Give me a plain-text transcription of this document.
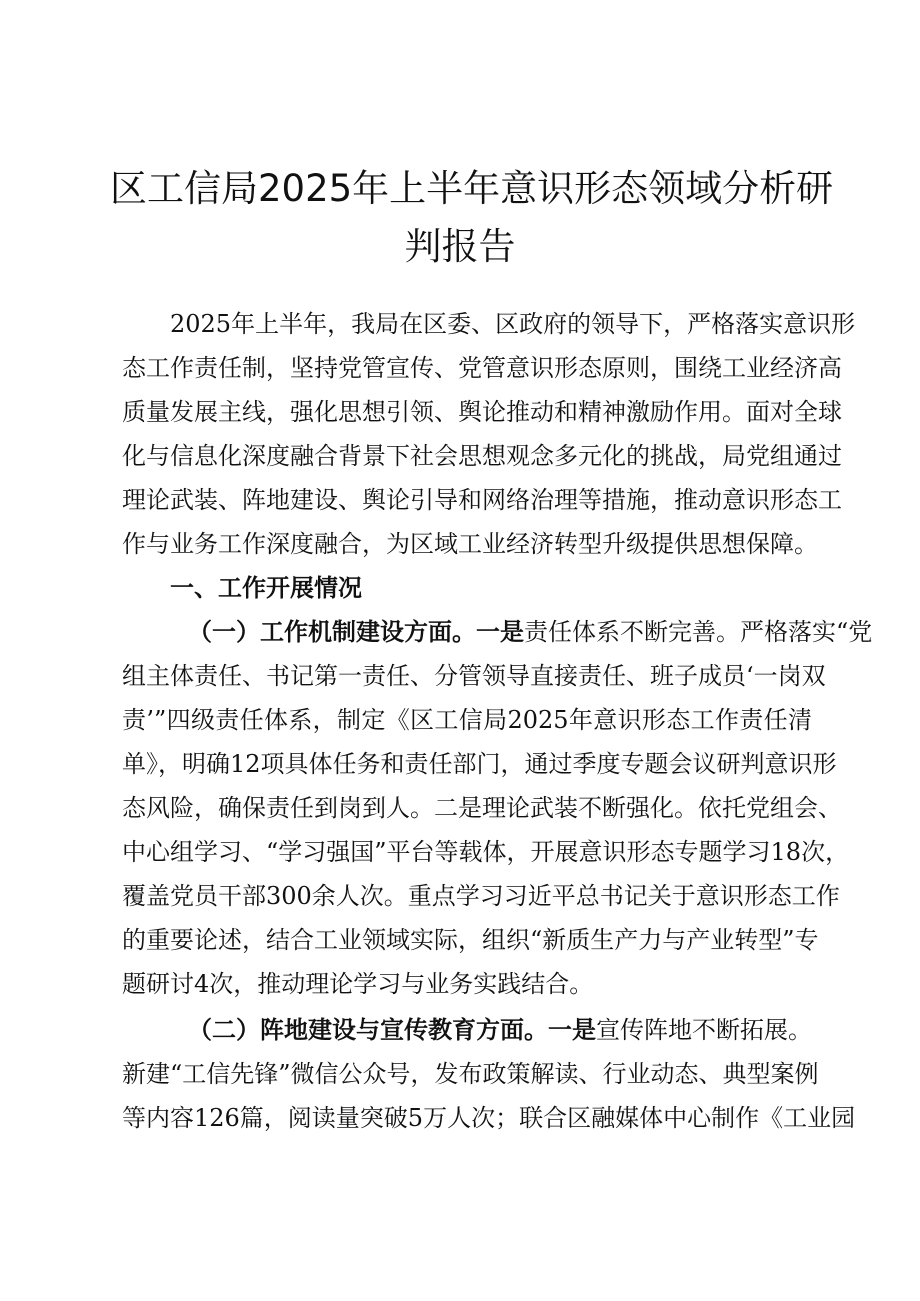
区工信局2025年上半年意识形态领域分析研
判报告
2025年上半年，我局在区委、区政府的领导下，严格落实意识形
态工作责任制，坚持党管宣传、党管意识形态原则，围绕工业经济高
质量发展主线，强化思想引领、舆论推动和精神激励作用。面对全球
化与信息化深度融合背景下社会思想观念多元化的挑战，局党组通过
理论武装、阵地建设、舆论引导和网络治理等措施，推动意识形态工
作与业务工作深度融合，为区域工业经济转型升级提供思想保障。
一、工作开展情况
（一）工作机制建设方面。一是责任体系不断完善。严格落实“党
组主体责任、书记第一责任、分管领导直接责任、班子成员‘一岗双
责’”四级责任体系，制定《区工信局2025年意识形态工作责任清
单》，明确12项具体任务和责任部门，通过季度专题会议研判意识形
态风险，确保责任到岗到人。二是理论武装不断强化。依托党组会、
中心组学习、“学习强国”平台等载体，开展意识形态专题学习18次，
覆盖党员干部300余人次。重点学习习近平总书记关于意识形态工作
的重要论述，结合工业领域实际，组织“新质生产力与产业转型”专
题研讨4次，推动理论学习与业务实践结合。
（二）阵地建设与宣传教育方面。一是宣传阵地不断拓展。
新建“工信先锋”微信公众号，发布政策解读、行业动态、典型案例
等内容126篇，阅读量突破5万人次；联合区融媒体中心制作《工业园
